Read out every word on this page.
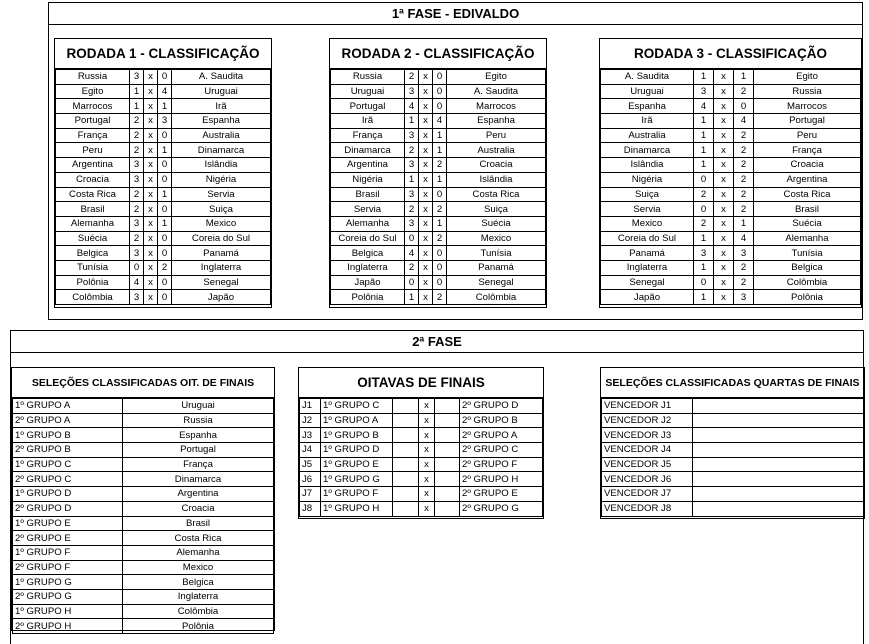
1ª FASE - EDIVALDO
RODADA 1 - CLASSIFICAÇÃO
Russia	3	x	0	A. Saudita
Egito	1	x	4	Uruguai
Marrocos	1	x	1	Irã
Portugal	2	x	3	Espanha
França	2	x	0	Australia
Peru	2	x	1	Dinamarca
Argentina	3	x	0	Islândia
Croacia	3	x	0	Nigéria
Costa Rica	2	x	1	Servia
Brasil	2	x	0	Suiça
Alemanha	3	x	1	Mexico
Suécia	2	x	0	Coreia do Sul
Belgica	3	x	0	Panamá
Tunísia	0	x	2	Inglaterra
Polônia	4	x	0	Senegal
Colômbia	3	x	0	Japão
RODADA 2 - CLASSIFICAÇÃO
Russia	2	x	0	Egito
Uruguai	3	x	0	A. Saudita
Portugal	4	x	0	Marrocos
Irã	1	x	4	Espanha
França	3	x	1	Peru
Dinamarca	2	x	1	Australia
Argentina	3	x	2	Croacia
Nigéria	1	x	1	Islândia
Brasil	3	x	0	Costa Rica
Servia	2	x	2	Suiça
Alemanha	3	x	1	Suécia
Coreia do Sul	0	x	2	Mexico
Belgica	4	x	0	Tunísia
Inglaterra	2	x	0	Panamá
Japão	0	x	0	Senegal
Polônia	1	x	2	Colômbia
RODADA 3 - CLASSIFICAÇÃO
A. Saudita	1	x	1	Egito
Uruguai	3	x	2	Russia
Espanha	4	x	0	Marrocos
Irã	1	x	4	Portugal
Australia	1	x	2	Peru
Dinamarca	1	x	2	França
Islândia	1	x	2	Croacia
Nigéria	0	x	2	Argentina
Suiça	2	x	2	Costa Rica
Servia	0	x	2	Brasil
Mexico	2	x	1	Suécia
Coreia do Sul	1	x	4	Alemanha
Panamá	3	x	3	Tunísia
Inglaterra	1	x	2	Belgica
Senegal	0	x	2	Colômbia
Japão	1	x	3	Polônia
2ª FASE
SELEÇÕES CLASSIFICADAS OIT. DE FINAIS
1º GRUPO A	Uruguai
2º GRUPO A	Russia
1º GRUPO B	Espanha
2º GRUPO B	Portugal
1º GRUPO C	França
2º GRUPO C	Dinamarca
1º GRUPO D	Argentina
2º GRUPO D	Croacia
1º GRUPO E	Brasil
2º GRUPO E	Costa Rica
1º GRUPO F	Alemanha
2º GRUPO F	Mexico
1º GRUPO G	Belgica
2º GRUPO G	Inglaterra
1º GRUPO H	Colômbia
2º GRUPO H	Polônia
OITAVAS DE FINAIS
J1	1º GRUPO C		x		2º GRUPO D
J2	1º GRUPO A		x		2º GRUPO B
J3	1º GRUPO B		x		2º GRUPO A
J4	1º GRUPO D		x		2º GRUPO C
J5	1º GRUPO E		x		2º GRUPO F
J6	1º GRUPO G		x		2º GRUPO H
J7	1º GRUPO F		x		2º GRUPO E
J8	1º GRUPO H		x		2º GRUPO G
SELEÇÕES CLASSIFICADAS QUARTAS DE FINAIS
VENCEDOR J1	
VENCEDOR J2	
VENCEDOR J3	
VENCEDOR J4	
VENCEDOR J5	
VENCEDOR J6	
VENCEDOR J7	
VENCEDOR J8	
